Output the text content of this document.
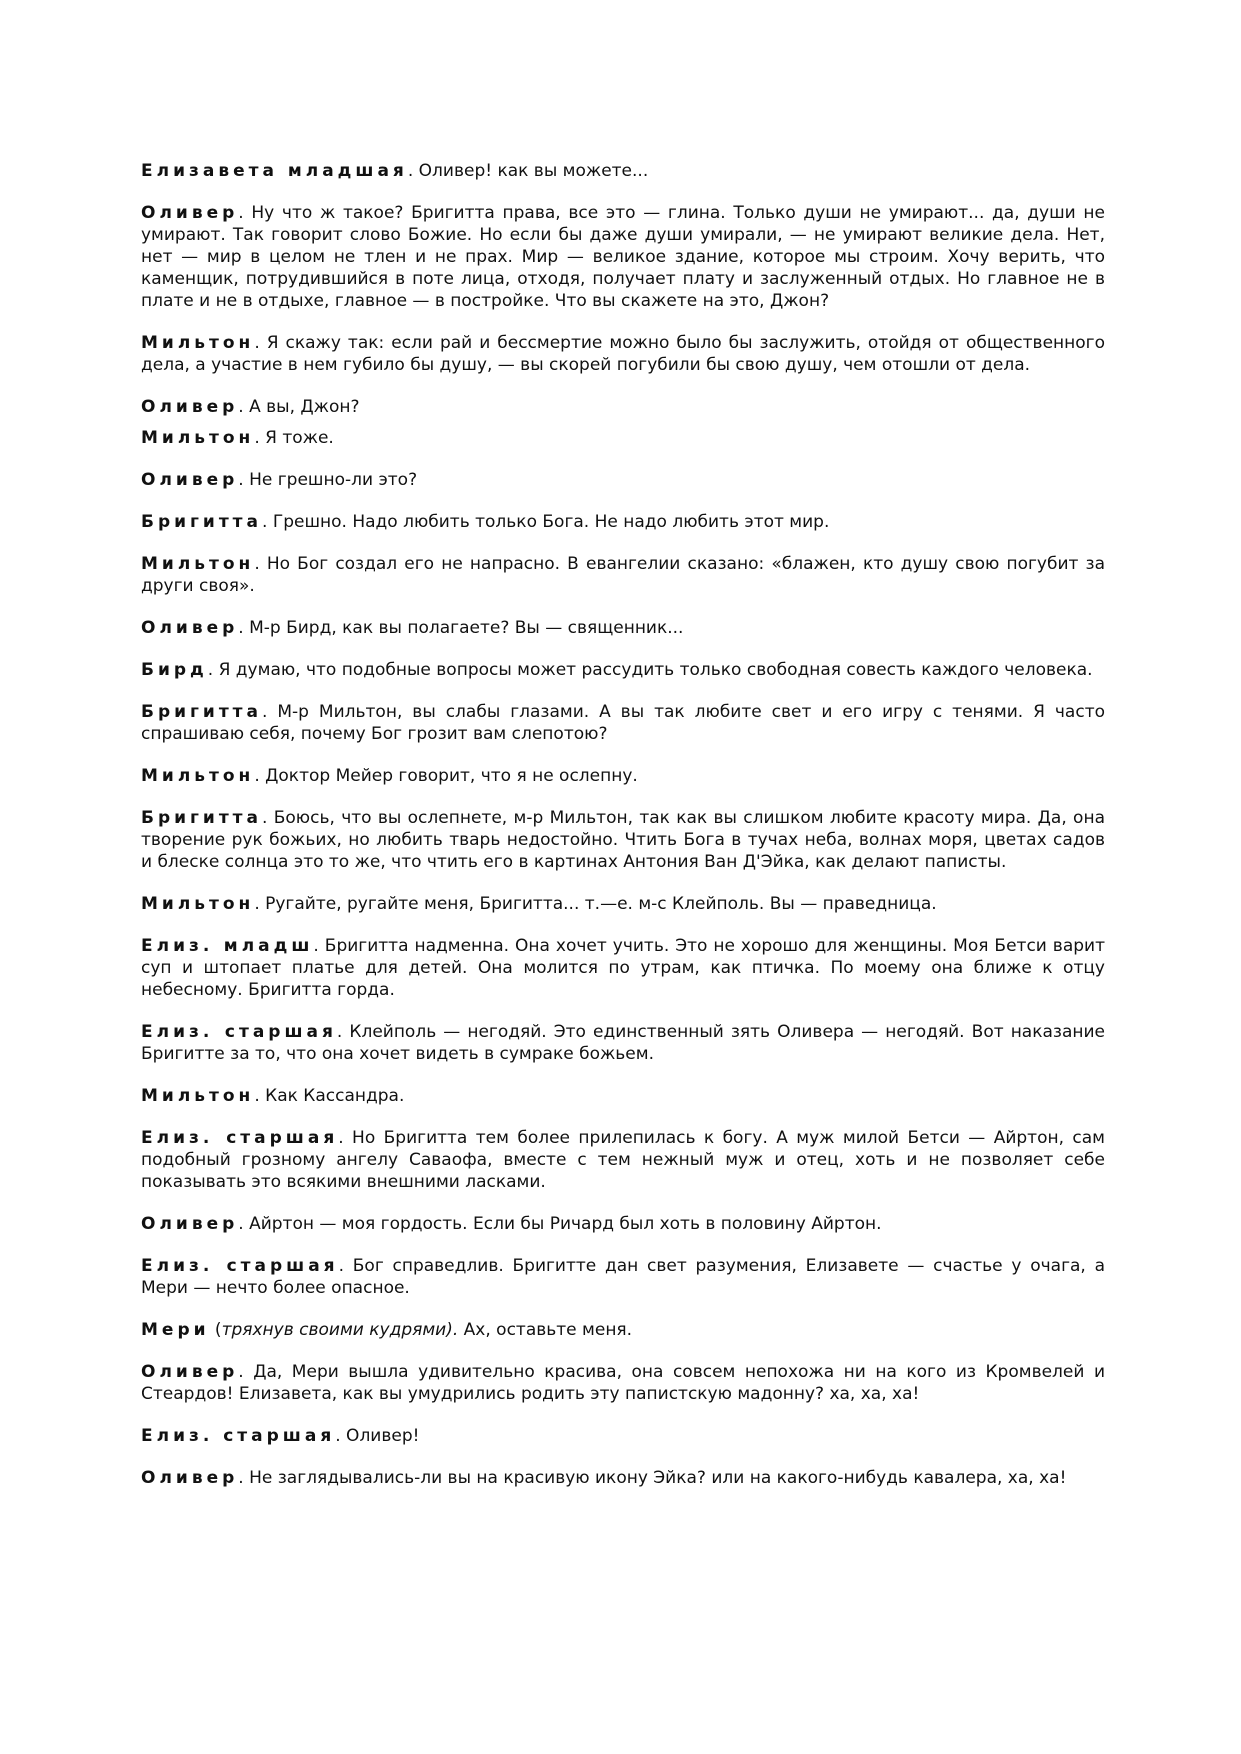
Елизавета младшая. Оливер! как вы можете...

Оливер. Ну что ж такое? Бригитта права, все это — глина. Только души не умирают... да, души не умирают. Так говорит слово Божие. Но если бы даже души умирали, — не умирают великие дела. Нет, нет — мир в целом не тлен и не прах. Мир — великое здание, которое мы строим. Хочу верить, что каменщик, потрудившийся в поте лица, отходя, получает плату и заслуженный отдых. Но главное не в плате и не в отдыхе, главное — в постройке. Что вы скажете на это, Джон?

Мильтон. Я скажу так: если рай и бессмертие можно было бы заслужить, отойдя от общественного дела, а участие в нем губило бы душу, — вы скорей погубили бы свою душу, чем отошли от дела.

Оливер. А вы, Джон?

Мильтон. Я тоже.

Оливер. Не грешно-ли это?

Бригитта. Грешно. Надо любить только Бога. Не надо любить этот мир.

Мильтон. Но Бог создал его не напрасно. В евангелии сказано: «блажен, кто душу свою погубит за други своя».

Оливер. М-р Бирд, как вы полагаете? Вы — священник...

Бирд. Я думаю, что подобные вопросы может рассудить только свободная совесть каждого человека.

Бригитта. М-р Мильтон, вы слабы глазами. А вы так любите свет и его игру с тенями. Я часто спрашиваю себя, почему Бог грозит вам слепотою?

Мильтон. Доктор Мейер говорит, что я не ослепну.

Бригитта. Боюсь, что вы ослепнете, м-р Мильтон, так как вы слишком любите красоту мира. Да, она творение рук божьих, но любить тварь недостойно. Чтить Бога в тучах неба, волнах моря, цветах садов и блеске солнца это то же, что чтить его в картинах Антония Ван Д'Эйка, как делают паписты.

Мильтон. Ругайте, ругайте меня, Бригитта... т.—е. м-с Клейполь. Вы — праведница.

Елиз. младш. Бригитта надменна. Она хочет учить. Это не хорошо для женщины. Моя Бетси варит суп и штопает платье для детей. Она молится по утрам, как птичка. По моему она ближе к отцу небесному. Бригитта горда.

Елиз. старшая. Клейполь — негодяй. Это единственный зять Оливера — негодяй. Вот наказание Бригитте за то, что она хочет видеть в сумраке божьем.

Мильтон. Как Кассандра.

Елиз. старшая. Но Бригитта тем более прилепилась к богу. А муж милой Бетси — Айртон, сам подобный грозному ангелу Саваофа, вместе с тем нежный муж и отец, хоть и не позволяет себе показывать это всякими внешними ласками.

Оливер. Айртон — моя гордость. Если бы Ричард был хоть в половину Айртон.

Елиз. старшая. Бог справедлив. Бригитте дан свет разумения, Елизавете — счастье у очага, а Мери — нечто более опасное.

Мери (тряхнув своими кудрями). Ах, оставьте меня.

Оливер. Да, Мери вышла удивительно красива, она совсем непохожа ни на кого из Кромвелей и Стеардов! Елизавета, как вы умудрились родить эту папистскую мадонну? ха, ха, ха!

Елиз. старшая. Оливер!

Оливер. Не заглядывались-ли вы на красивую икону Эйка? или на какого-нибудь кавалера, ха, ха!
